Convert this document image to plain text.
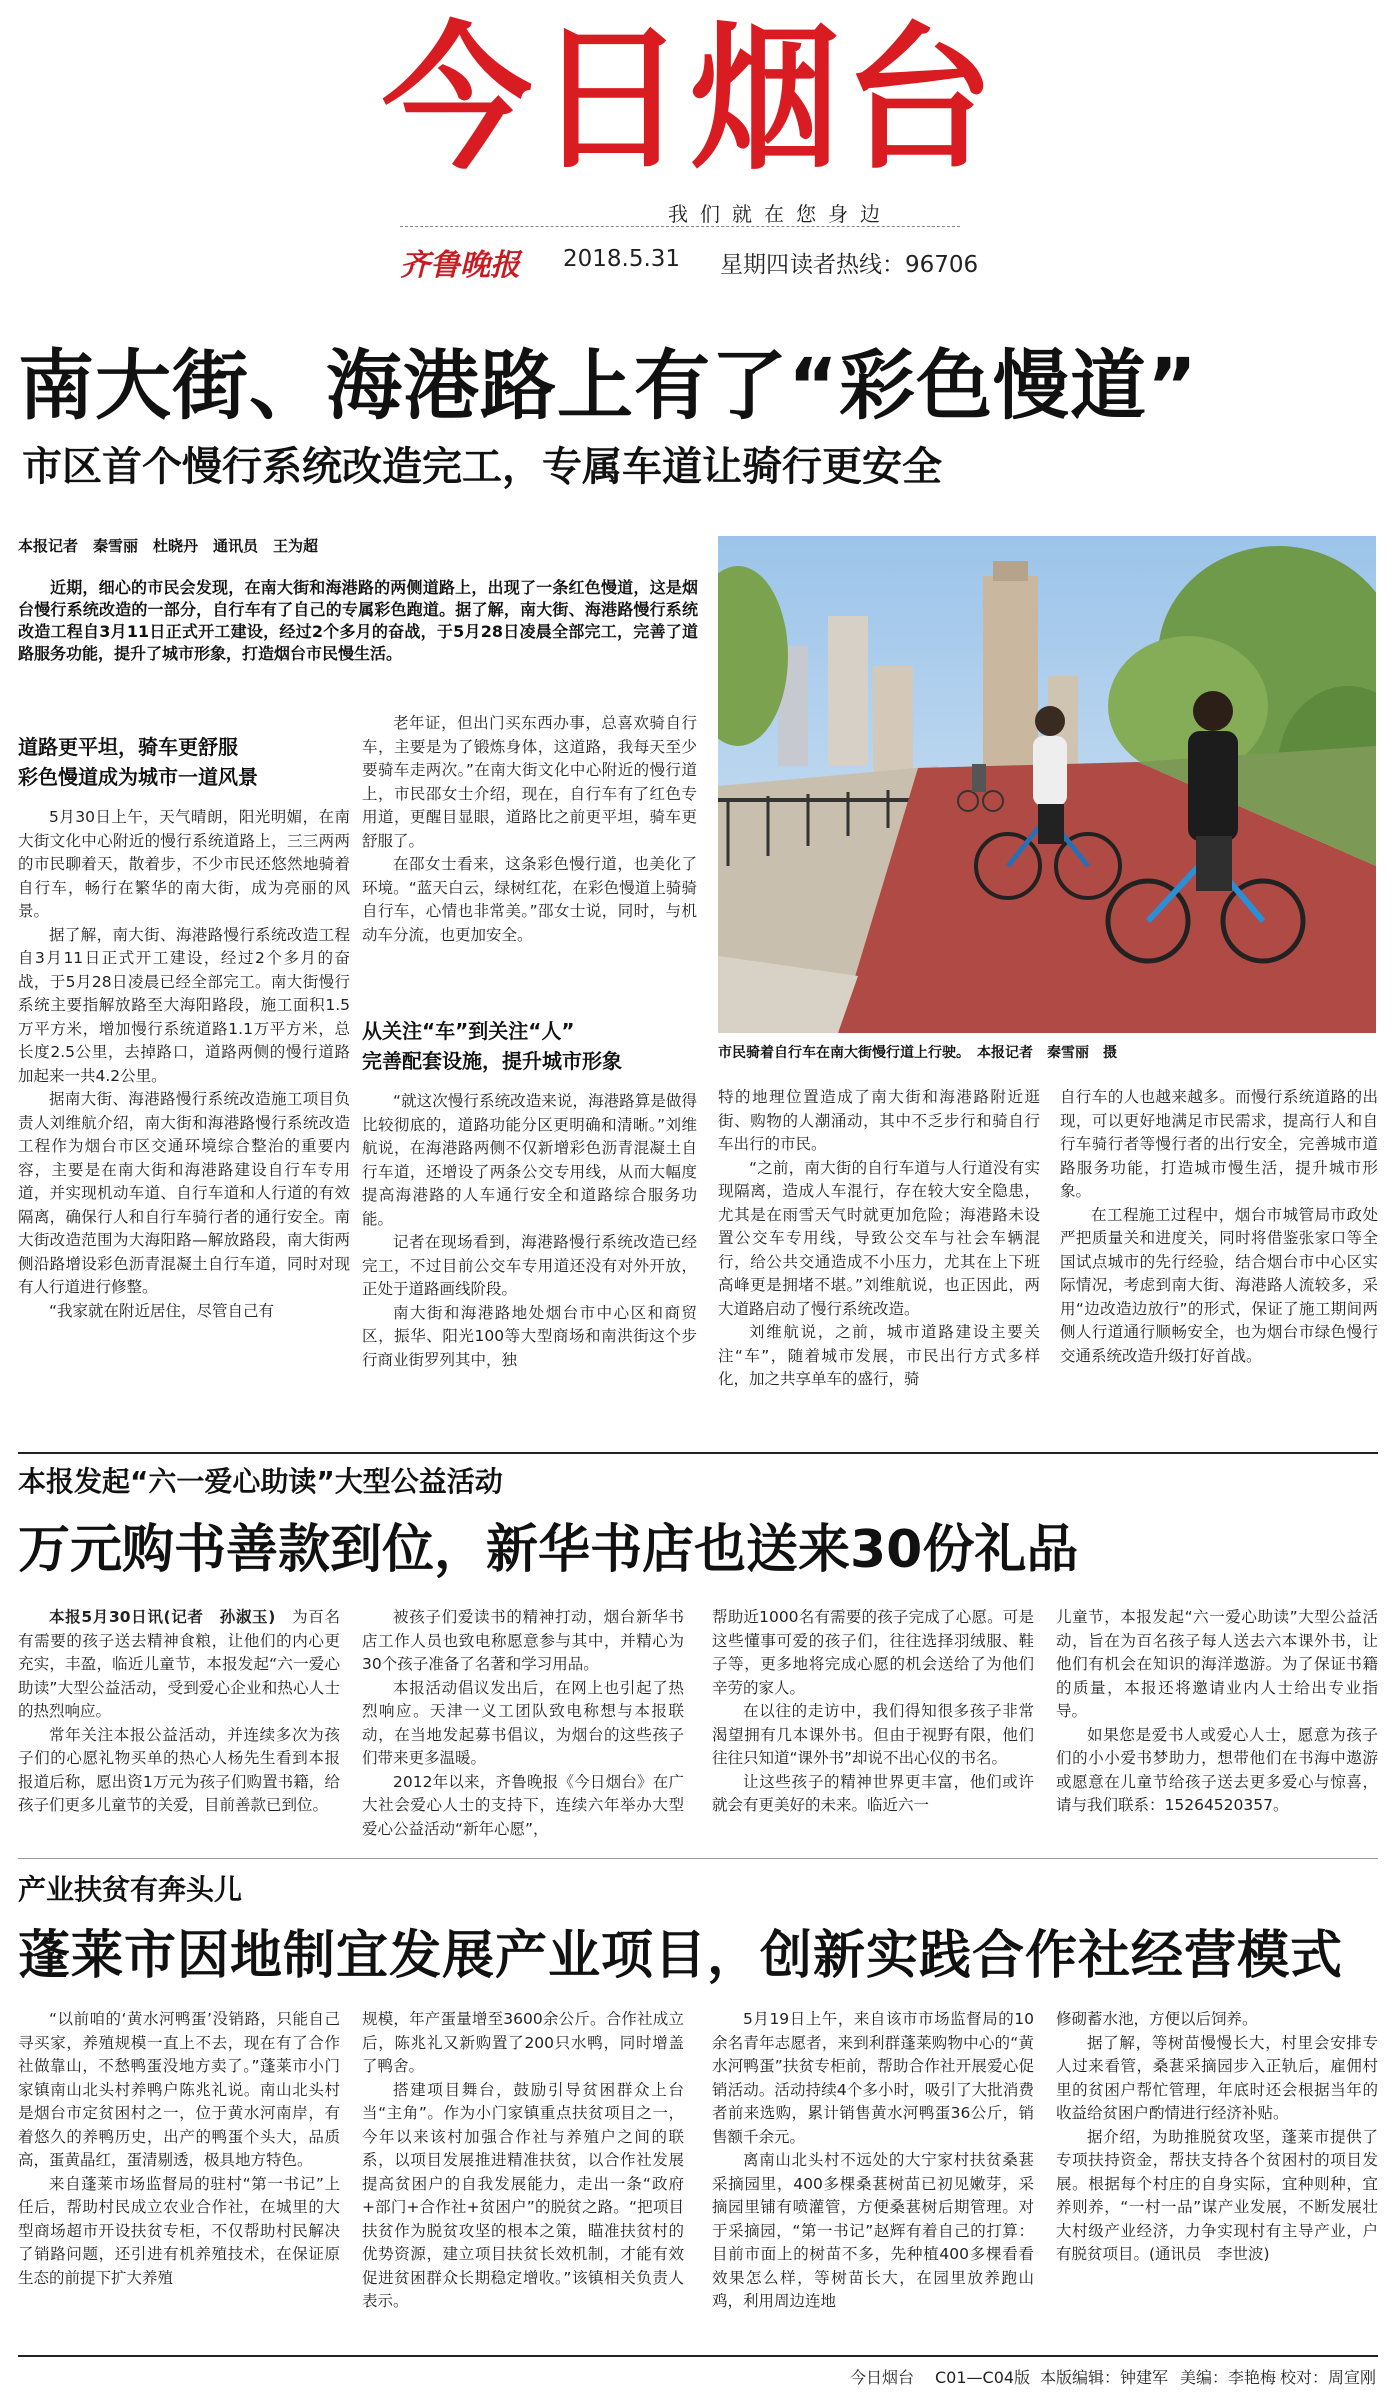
今日烟台
我们就在您身边
齐鲁晚报 2018.5.31 星期四 读者热线：96706
南大街、海港路上有了“彩色慢道”
市区首个慢行系统改造完工，专属车道让骑行更安全
本报记者　秦雪丽　杜晓丹　通讯员　王为超
近期，细心的市民会发现，在南大街和海港路的两侧道路上，出现了一条红色慢道，这是烟台慢行系统改造的一部分，自行车有了自己的专属彩色跑道。据了解，南大街、海港路慢行系统改造工程自3月11日正式开工建设，经过2个多月的奋战，于5月28日凌晨全部完工，完善了道路服务功能，提升了城市形象，打造烟台市民慢生活。
道路更平坦，骑车更舒服
彩色慢道成为城市一道风景

5月30日上午，天气晴朗，阳光明媚，在南大街文化中心附近的慢行系统道路上，三三两两的市民聊着天，散着步，不少市民还悠然地骑着自行车，畅行在繁华的南大街，成为亮丽的风景。

据了解，南大街、海港路慢行系统改造工程自3月11日正式开工建设，经过2个多月的奋战，于5月28日凌晨已经全部完工。南大街慢行系统主要指解放路至大海阳路段，施工面积1.5万平方米，增加慢行系统道路1.1万平方米，总长度2.5公里，去掉路口，道路两侧的慢行道路加起来一共4.2公里。

据南大街、海港路慢行系统改造施工项目负责人刘维航介绍，南大街和海港路慢行系统改造工程作为烟台市区交通环境综合整治的重要内容，主要是在南大街和海港路建设自行车专用道，并实现机动车道、自行车道和人行道的有效隔离，确保行人和自行车骑行者的通行安全。南大街改造范围为大海阳路—解放路段，南大街两侧沿路增设彩色沥青混凝土自行车道，同时对现有人行道进行修整。

“我家就在附近居住，尽管自己有

老年证，但出门买东西办事，总喜欢骑自行车，主要是为了锻炼身体，这道路，我每天至少要骑车走两次。”在南大街文化中心附近的慢行道上，市民邵女士介绍，现在，自行车有了红色专用道，更醒目显眼，道路比之前更平坦，骑车更舒服了。

在邵女士看来，这条彩色慢行道，也美化了环境。“蓝天白云，绿树红花，在彩色慢道上骑骑自行车，心情也非常美。”邵女士说，同时，与机动车分流，也更加安全。

从关注“车”到关注“人”
完善配套设施，提升城市形象

“就这次慢行系统改造来说，海港路算是做得比较彻底的，道路功能分区更明确和清晰。”刘维航说，在海港路两侧不仅新增彩色沥青混凝土自行车道，还增设了两条公交专用线，从而大幅度提高海港路的人车通行安全和道路综合服务功能。

记者在现场看到，海港路慢行系统改造已经完工，不过目前公交车专用道还没有对外开放，正处于道路画线阶段。

南大街和海港路地处烟台市中心区和商贸区，振华、阳光100等大型商场和南洪街这个步行商业街罗列其中，独

市民骑着自行车在南大街慢行道上行驶。　本报记者　秦雪丽　摄

特的地理位置造成了南大街和海港路附近逛街、购物的人潮涌动，其中不乏步行和骑自行车出行的市民。

“之前，南大街的自行车道与人行道没有实现隔离，造成人车混行，存在较大安全隐患，尤其是在雨雪天气时就更加危险；海港路未设置公交车专用线，导致公交车与社会车辆混行，给公共交通造成不小压力，尤其在上下班高峰更是拥堵不堪。”刘维航说，也正因此，两大道路启动了慢行系统改造。

刘维航说，之前，城市道路建设主要关注“车”，随着城市发展，市民出行方式多样化，加之共享单车的盛行，骑

自行车的人也越来越多。而慢行系统道路的出现，可以更好地满足市民需求，提高行人和自行车骑行者等慢行者的出行安全，完善城市道路服务功能，打造城市慢生活，提升城市形象。

在工程施工过程中，烟台市城管局市政处严把质量关和进度关，同时将借鉴张家口等全国试点城市的先行经验，结合烟台市中心区实际情况，考虑到南大街、海港路人流较多，采用“边改造边放行”的形式，保证了施工期间两侧人行道通行顺畅安全，也为烟台市绿色慢行交通系统改造升级打好首战。

本报发起“六一爱心助读”大型公益活动
万元购书善款到位，新华书店也送来30份礼品

本报5月30日讯(记者　孙淑玉)　 为百名有需要的孩子送去精神食粮，让他们的内心更充实，丰盈，临近儿童节，本报发起“六一爱心助读”大型公益活动，受到爱心企业和热心人士的热烈响应。

常年关注本报公益活动，并连续多次为孩子们的心愿礼物买单的热心人杨先生看到本报报道后称，愿出资1万元为孩子们购置书籍，给孩子们更多儿童节的关爱，目前善款已到位。

被孩子们爱读书的精神打动，烟台新华书店工作人员也致电称愿意参与其中，并精心为30个孩子准备了名著和学习用品。

本报活动倡议发出后，在网上也引起了热烈响应。天津一义工团队致电称想与本报联动，在当地发起募书倡议，为烟台的这些孩子们带来更多温暖。

2012年以来，齐鲁晚报《今日烟台》在广大社会爱心人士的支持下，连续六年举办大型爱心公益活动“新年心愿”，

帮助近1000名有需要的孩子完成了心愿。可是这些懂事可爱的孩子们，往往选择羽绒服、鞋子等，更多地将完成心愿的机会送给了为他们辛劳的家人。

在以往的走访中，我们得知很多孩子非常渴望拥有几本课外书。但由于视野有限，他们往往只知道“课外书”却说不出心仪的书名。

让这些孩子的精神世界更丰富，他们或许就会有更美好的未来。临近六一

儿童节，本报发起“六一爱心助读”大型公益活动，旨在为百名孩子每人送去六本课外书，让他们有机会在知识的海洋遨游。为了保证书籍的质量，本报还将邀请业内人士给出专业指导。

如果您是爱书人或爱心人士，愿意为孩子们的小小爱书梦助力，想带他们在书海中遨游或愿意在儿童节给孩子送去更多爱心与惊喜，请与我们联系：15264520357。

产业扶贫有奔头儿
蓬莱市因地制宜发展产业项目，创新实践合作社经营模式

“以前咱的‘黄水河鸭蛋’没销路，只能自己寻买家，养殖规模一直上不去，现在有了合作社做靠山，不愁鸭蛋没地方卖了。”蓬莱市小门家镇南山北头村养鸭户陈兆礼说。南山北头村是烟台市定贫困村之一，位于黄水河南岸，有着悠久的养鸭历史，出产的鸭蛋个头大，品质高，蛋黄晶红，蛋清剔透，极具地方特色。

来自蓬莱市场监督局的驻村“第一书记”上任后，帮助村民成立农业合作社，在城里的大型商场超市开设扶贫专柜，不仅帮助村民解决了销路问题，还引进有机养殖技术，在保证原生态的前提下扩大养殖

规模，年产蛋量增至3600余公斤。合作社成立后，陈兆礼又新购置了200只水鸭，同时增盖了鸭舍。

搭建项目舞台，鼓励引导贫困群众上台当“主角”。作为小门家镇重点扶贫项目之一，今年以来该村加强合作社与养殖户之间的联系，以项目发展推进精准扶贫，以合作社发展提高贫困户的自我发展能力，走出一条“政府+部门+合作社+贫困户”的脱贫之路。“把项目扶贫作为脱贫攻坚的根本之策，瞄准扶贫村的优势资源，建立项目扶贫长效机制，才能有效促进贫困群众长期稳定增收。”该镇相关负责人表示。

5月19日上午，来自该市市场监督局的10余名青年志愿者，来到利群蓬莱购物中心的“黄水河鸭蛋”扶贫专柜前，帮助合作社开展爱心促销活动。活动持续4个多小时，吸引了大批消费者前来选购，累计销售黄水河鸭蛋36公斤，销售额千余元。

离南山北头村不远处的大宁家村扶贫桑葚采摘园里，400多棵桑葚树苗已初见嫩芽，采摘园里铺有喷灌管，方便桑葚树后期管理。对于采摘园，“第一书记”赵辉有着自己的打算：目前市面上的树苗不多，先种植400多棵看看效果怎么样，等树苗长大，在园里放养跑山鸡，利用周边连地

修砌蓄水池，方便以后饲养。

据了解，等树苗慢慢长大，村里会安排专人过来看管，桑葚采摘园步入正轨后，雇佣村里的贫困户帮忙管理，年底时还会根据当年的收益给贫困户酌情进行经济补贴。

据介绍，为助推脱贫攻坚，蓬莱市提供了专项扶持资金，帮扶支持各个贫困村的项目发展。根据每个村庄的自身实际，宜种则种，宜养则养，“一村一品”谋产业发展，不断发展壮大村级产业经济，力争实现村有主导产业，户有脱贫项目。(通讯员　李世波)

今日烟台 C01—C04版 本版编辑：钟建军 美编：李艳梅 校对：周宣刚
